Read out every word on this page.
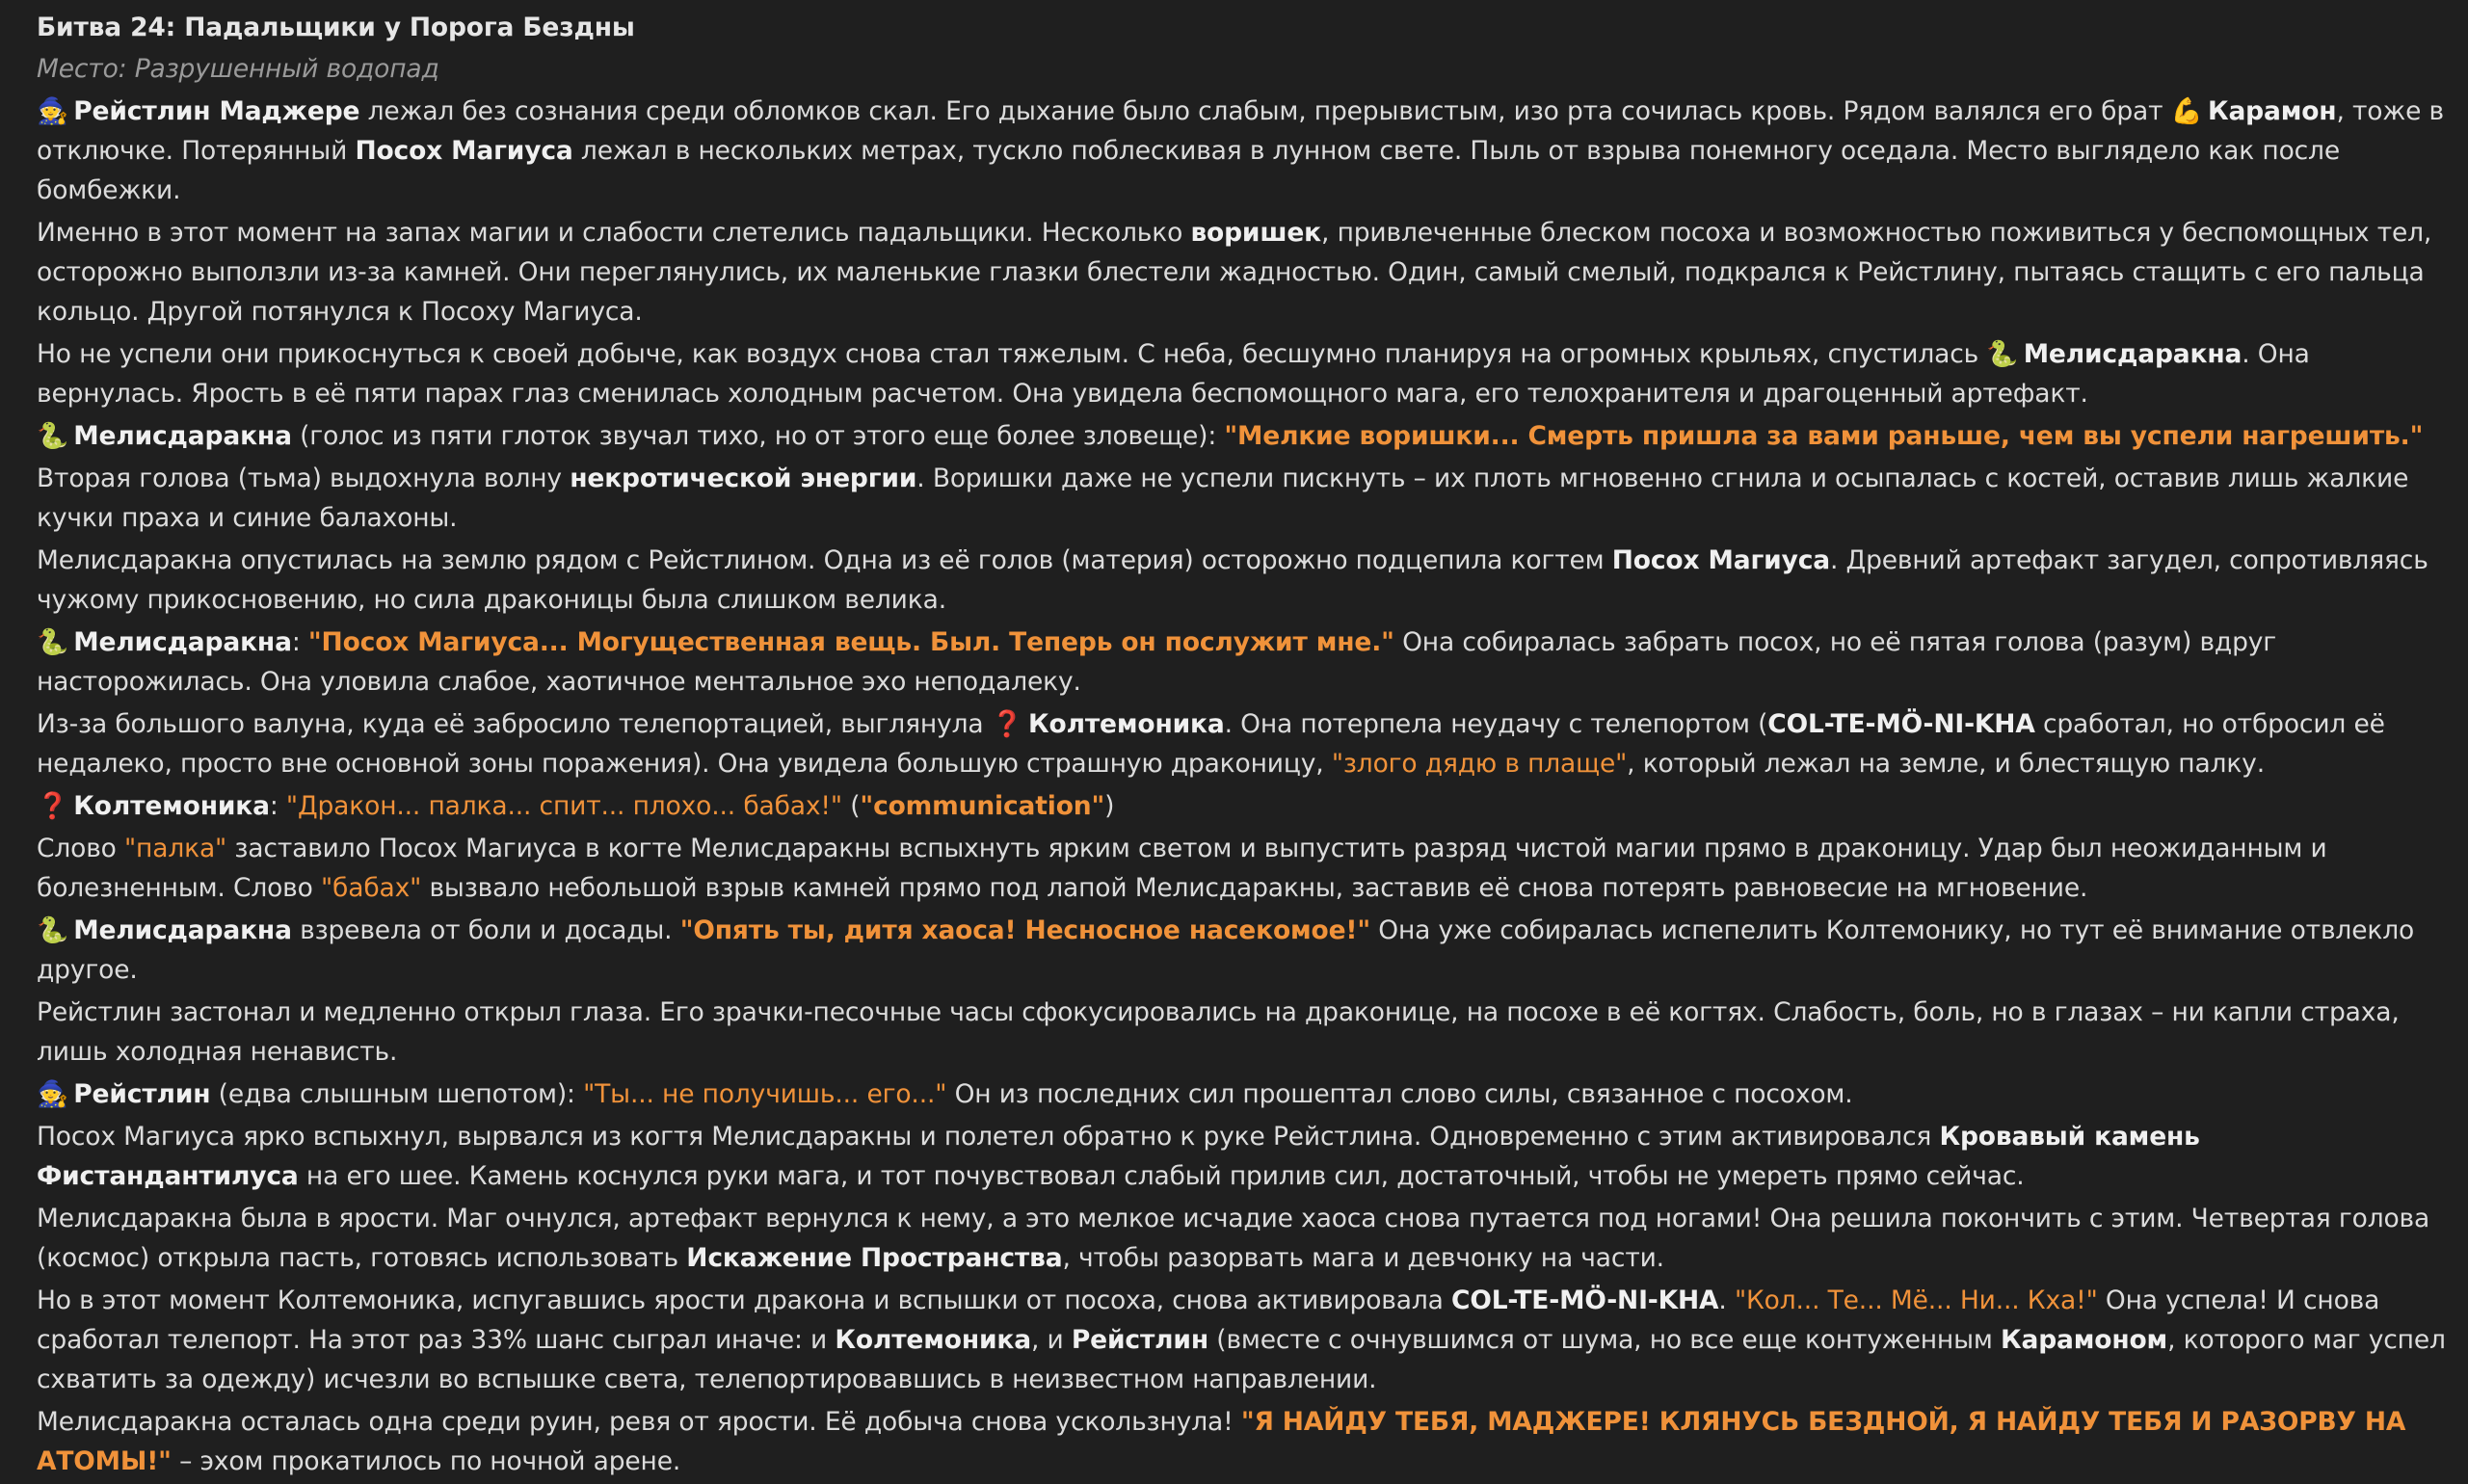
Битва 24: Падальщики у Порога Бездны

Место: Разрушенный водопад

🧙 Рейстлин Маджере лежал без сознания среди обломков скал. Его дыхание было слабым, прерывистым, изо рта сочилась кровь. Рядом валялся его брат 💪 Карамон, тоже в отключке. Потерянный Посох Магиуса лежал в нескольких метрах, тускло поблескивая в лунном свете. Пыль от взрыва понемногу оседала. Место выглядело как после бомбежки.

Именно в этот момент на запах магии и слабости слетелись падальщики. Несколько воришек, привлеченные блеском посоха и возможностью поживиться у беспомощных тел, осторожно выползли из-за камней. Они переглянулись, их маленькие глазки блестели жадностью. Один, самый смелый, подкрался к Рейстлину, пытаясь стащить с его пальца кольцо. Другой потянулся к Посоху Магиуса.

Но не успели они прикоснуться к своей добыче, как воздух снова стал тяжелым. С неба, бесшумно планируя на огромных крыльях, спустилась 🐍 Мелисдаракна. Она вернулась. Ярость в её пяти парах глаз сменилась холодным расчетом. Она увидела беспомощного мага, его телохранителя и драгоценный артефакт.

🐍 Мелисдаракна (голос из пяти глоток звучал тихо, но от этого еще более зловеще): "Мелкие воришки... Смерть пришла за вами раньше, чем вы успели нагрешить."

Вторая голова (тьма) выдохнула волну некротической энергии. Воришки даже не успели пискнуть – их плоть мгновенно сгнила и осыпалась с костей, оставив лишь жалкие кучки праха и синие балахоны.

Мелисдаракна опустилась на землю рядом с Рейстлином. Одна из её голов (материя) осторожно подцепила когтем Посох Магиуса. Древний артефакт загудел, сопротивляясь чужому прикосновению, но сила драконицы была слишком велика.

🐍 Мелисдаракна: "Посох Магиуса... Могущественная вещь. Был. Теперь он послужит мне." Она собиралась забрать посох, но её пятая голова (разум) вдруг насторожилась. Она уловила слабое, хаотичное ментальное эхо неподалеку.

Из-за большого валуна, куда её забросило телепортацией, выглянула ❓ Колтемоника. Она потерпела неудачу с телепортом (COL-TE-MÖ-NI-KHA сработал, но отбросил её недалеко, просто вне основной зоны поражения). Она увидела большую страшную драконицу, "злого дядю в плаще", который лежал на земле, и блестящую палку.

❓ Колтемоника: "Дракон... палка... спит... плохо... бабах!" ("communication")

Слово "палка" заставило Посох Магиуса в когте Мелисдаракны вспыхнуть ярким светом и выпустить разряд чистой магии прямо в драконицу. Удар был неожиданным и болезненным. Слово "бабах" вызвало небольшой взрыв камней прямо под лапой Мелисдаракны, заставив её снова потерять равновесие на мгновение.

🐍 Мелисдаракна взревела от боли и досады. "Опять ты, дитя хаоса! Несносное насекомое!" Она уже собиралась испепелить Колтемонику, но тут её внимание отвлекло другое.

Рейстлин застонал и медленно открыл глаза. Его зрачки-песочные часы сфокусировались на драконице, на посохе в её когтях. Слабость, боль, но в глазах – ни капли страха, лишь холодная ненависть.

🧙 Рейстлин (едва слышным шепотом): "Ты... не получишь... его..." Он из последних сил прошептал слово силы, связанное с посохом.

Посох Магиуса ярко вспыхнул, вырвался из когтя Мелисдаракны и полетел обратно к руке Рейстлина. Одновременно с этим активировался Кровавый камень Фистандантилуса на его шее. Камень коснулся руки мага, и тот почувствовал слабый прилив сил, достаточный, чтобы не умереть прямо сейчас.

Мелисдаракна была в ярости. Маг очнулся, артефакт вернулся к нему, а это мелкое исчадие хаоса снова путается под ногами! Она решила покончить с этим. Четвертая голова (космос) открыла пасть, готовясь использовать Искажение Пространства, чтобы разорвать мага и девчонку на части.

Но в этот момент Колтемоника, испугавшись ярости дракона и вспышки от посоха, снова активировала COL-TE-MÖ-NI-KHA. "Кол... Те... Мё... Ни... Кха!" Она успела! И снова сработал телепорт. На этот раз 33% шанс сыграл иначе: и Колтемоника, и Рейстлин (вместе с очнувшимся от шума, но все еще контуженным Карамоном, которого маг успел схватить за одежду) исчезли во вспышке света, телепортировавшись в неизвестном направлении.

Мелисдаракна осталась одна среди руин, ревя от ярости. Её добыча снова ускользнула! "Я НАЙДУ ТЕБЯ, МАДЖЕРЕ! КЛЯНУСЬ БЕЗДНОЙ, Я НАЙДУ ТЕБЯ И РАЗОРВУ НА АТОМЫ!" – эхом прокатилось по ночной арене.
